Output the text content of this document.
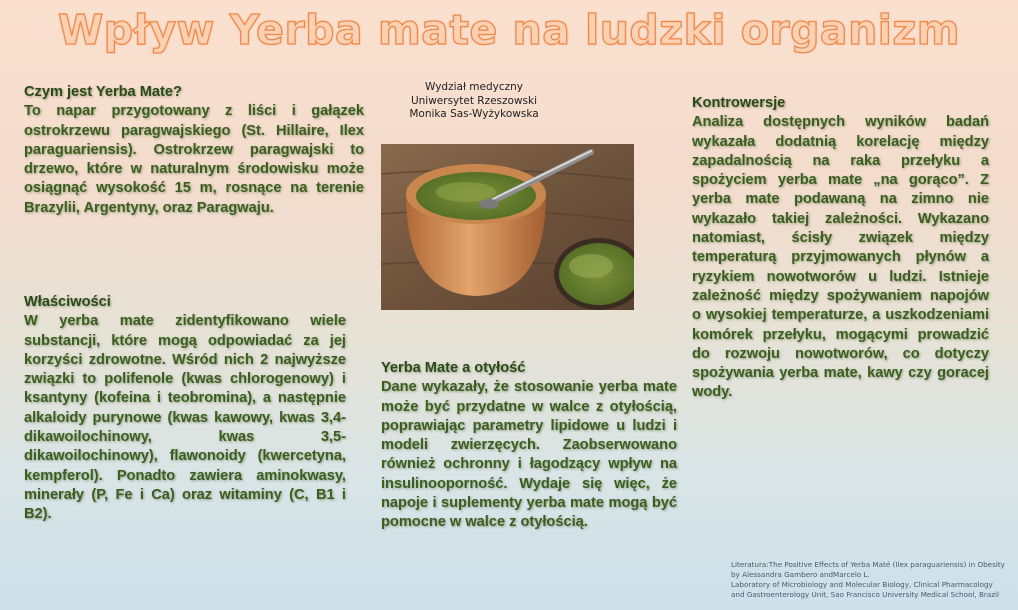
Wpływ Yerba mate na ludzki organizm
Czym jest Yerba Mate?
To napar przygotowany z liści i gałązek ostrokrzewu paragwajskiego (St. Hillaire, Ilex paraguariensis). Ostrokrzew paragwajski to drzewo, które w naturalnym środowisku może osiągnąć wysokość 15 m, rosnące na terenie Brazylii, Argentyny, oraz Paragwaju.
Wydział medyczny
Uniwersytet Rzeszowski
Monika Sas-Wyżykowska
Kontrowersje
Analiza dostępnych wyników badań wykazała dodatnią korelację między zapadalnością na raka przełyku a spożyciem yerba mate „na gorąco”. Z yerba mate podawaną na zimno nie wykazało takiej zależności. Wykazano natomiast, ścisły związek między temperaturą przyjmowanych płynów a ryzykiem nowotworów u ludzi. Istnieje zależność między spożywaniem napojów o wysokiej temperaturze, a uszkodzeniami komórek przełyku, mogącymi prowadzić do rozwoju nowotworów, co dotyczy spożywania yerba mate, kawy czy goracej wody.
Właściwości
W yerba mate zidentyfikowano wiele substancji, które mogą odpowiadać za jej korzyści zdrowotne. Wśród nich 2 najwyższe związki to polifenole (kwas chlorogenowy) i ksantyny (kofeina i teobromina), a następnie alkaloidy purynowe (kwas kawowy, kwas 3,4-dikawoilochinowy, kwas 3,5-dikawoilochinowy), flawonoidy (kwercetyna, kempferol). Ponadto zawiera aminokwasy, minerały (P, Fe i Ca) oraz witaminy (C, B1 i B2).
Yerba Mate a otyłość
Dane wykazały, że stosowanie yerba mate może być przydatne w walce z otyłością, poprawiając parametry lipidowe u ludzi i modeli zwierzęcych. Zaobserwowano również ochronny i łagodzący wpływ na insulinooporność. Wydaje się więc, że napoje i suplementy yerba mate mogą być pomocne w walce z otyłością.
Literatura:The Positive Effects of Yerba Maté (Ilex paraguariensis) in Obesity
by Alessandra Gambero andMarcelo L.
Laboratory of Microbiology and Molecular Biology, Clinical Pharmacology and Gastroenterology Unit, Sao Francisco University Medical School, Brazil
